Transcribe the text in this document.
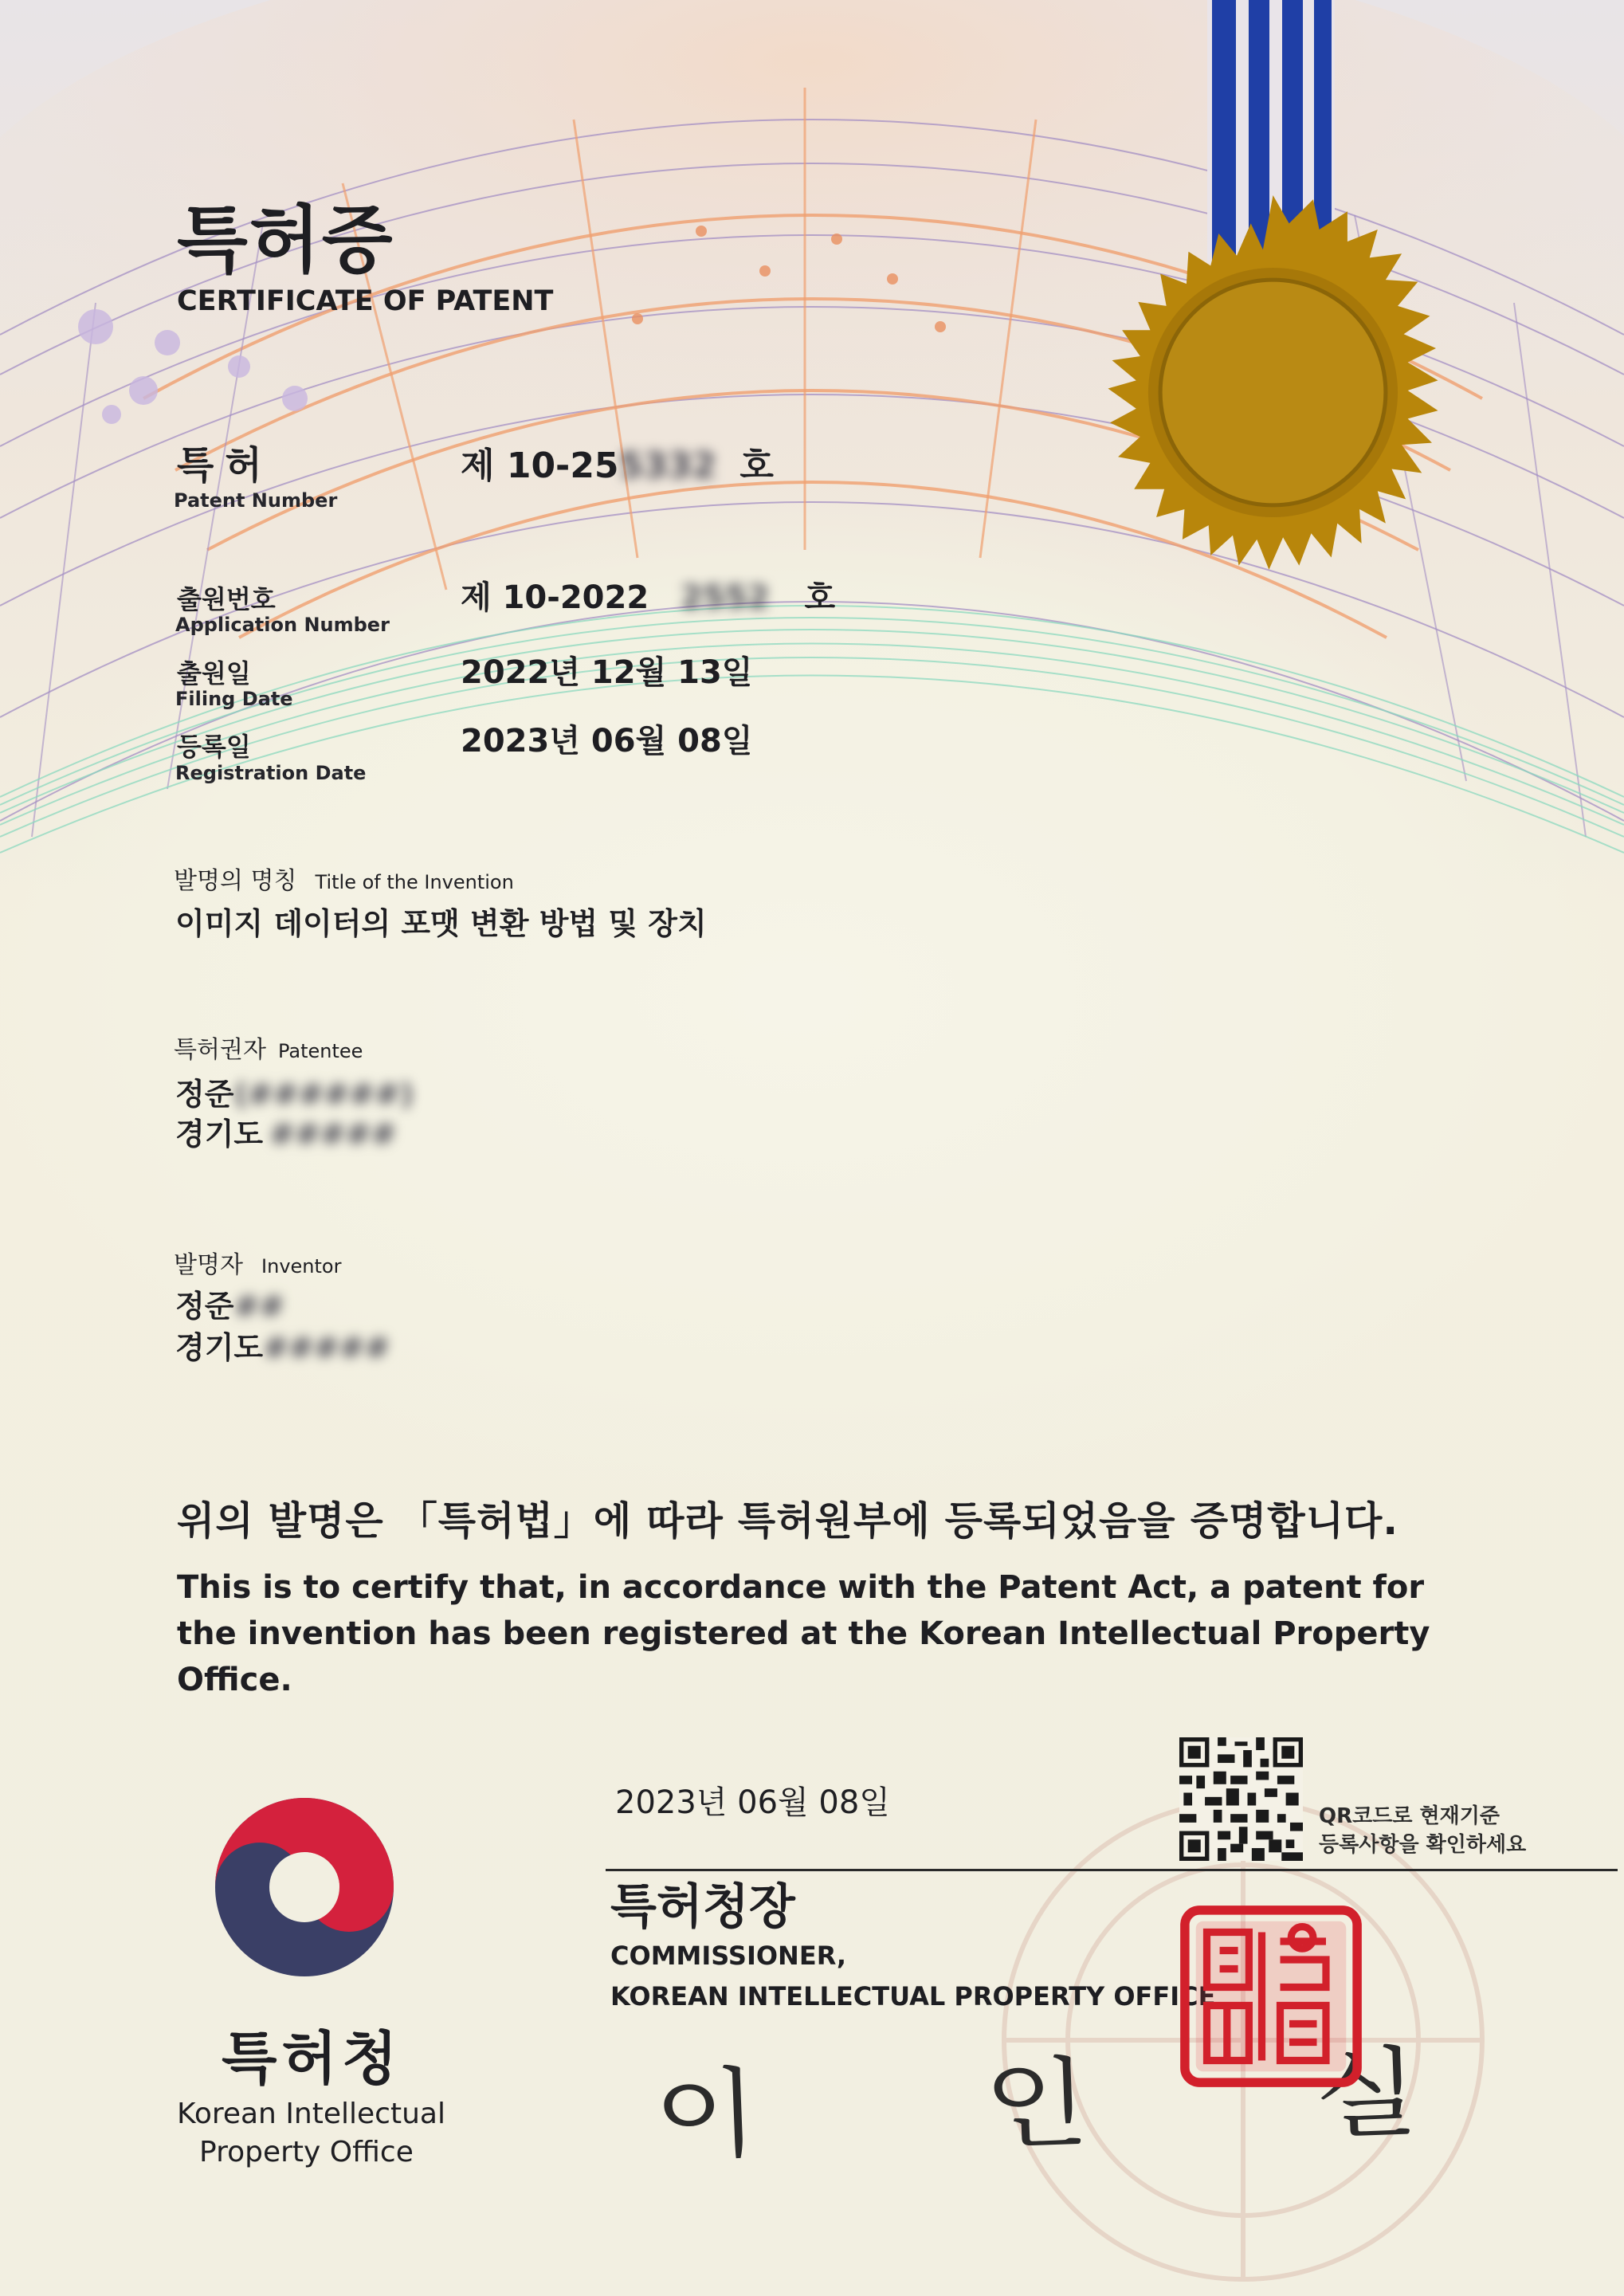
특허증
CERTIFICATE OF PATENT
특허
Patent Number
제 10-255332 호
출원번호
Application Number
제 10-2022 2552 호
출원일
Filing Date
2022년 12월 13일
등록일
Registration Date
2023년 06월 08일
발명의 명칭 Title of the Invention
이미지 데이터의 포맷 변환 방법 및 장치
특허권자 Patentee
정준(######)
경기도 #####
발명자 Inventor
정준##
경기도#####
위의 발명은 「특허법」에 따라 특허원부에 등록되었음을 증명합니다.
This is to certify that, in accordance with the Patent Act, a patent for the invention has been registered at the Korean Intellectual Property Office.
2023년 06월 08일
특허청장
COMMISSIONER,
KOREAN INTELLECTUAL PROPERTY OFFICE
이 인 실
QR코드로 현재기준
등록사항을 확인하세요
특허청
Korean Intellectual
Property Office
